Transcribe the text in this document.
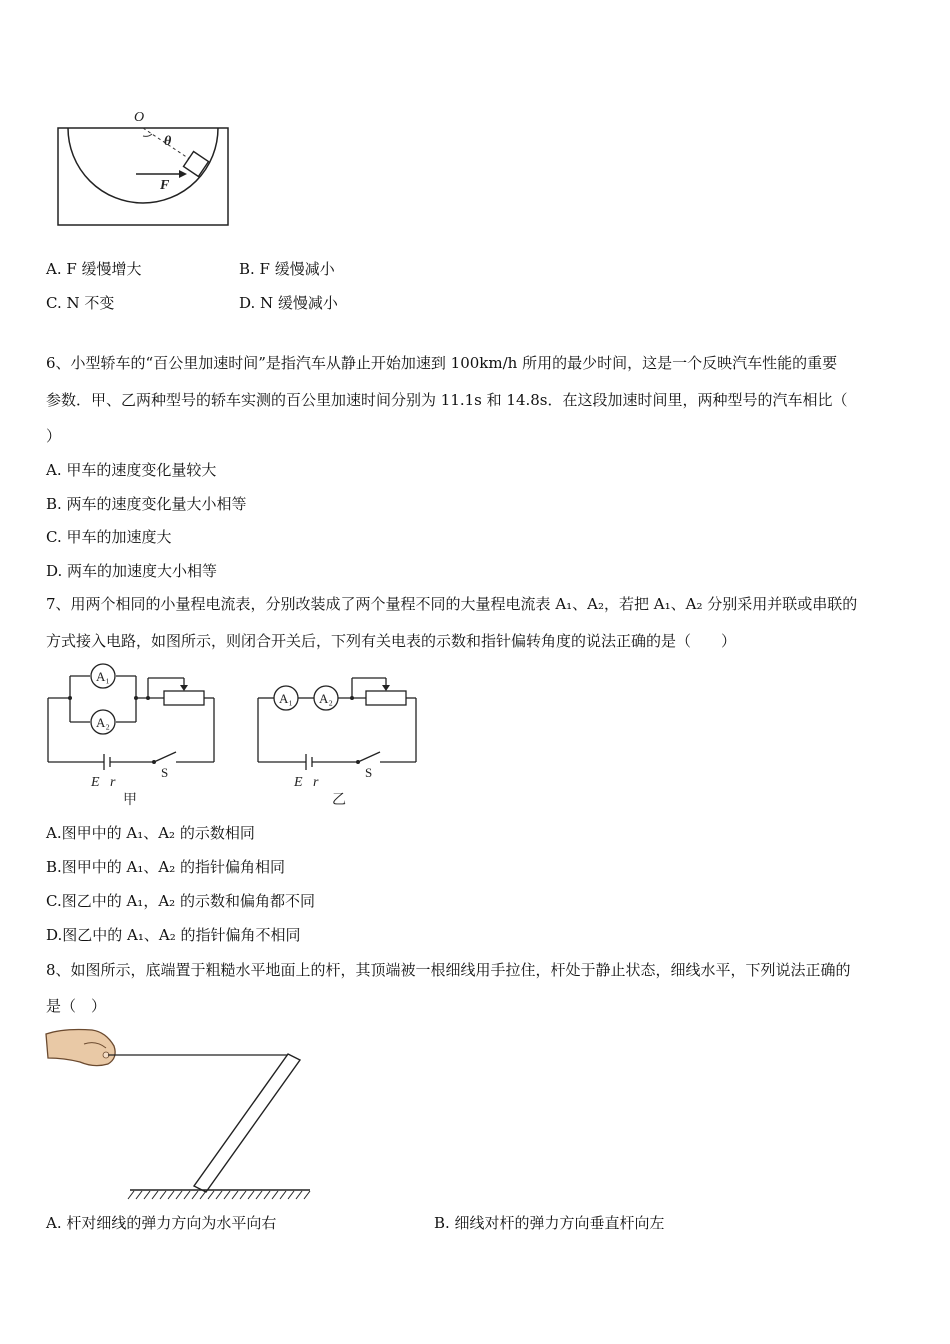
O
θ
F
A. F 缓慢增大	B. F 缓慢减小
C. N 不变	D. N 缓慢减小
6、小型轿车的“百公里加速时间”是指汽车从静止开始加速到 100km/h 所用的最少时间，这是一个反映汽车性能的重要
参数．甲、乙两种型号的轿车实测的百公里加速时间分别为 11.1s 和 14.8s．在这段加速时间里，两种型号的汽车相比（
）
A. 甲车的速度变化量较大
B. 两车的速度变化量大小相等
C. 甲车的加速度大
D. 两车的加速度大小相等
7、用两个相同的小量程电流表，分别改装成了两个量程不同的大量程电流表 A₁、A₂，若把 A₁、A₂ 分别采用并联或串联的
方式接入电路，如图所示，则闭合开关后，下列有关电表的示数和指针偏转角度的说法正确的是（　　）
A₁
A₂
E r
S
甲
A₁ A₂
E r
S
乙
A.图甲中的 A₁、A₂ 的示数相同
B.图甲中的 A₁、A₂ 的指针偏角相同
C.图乙中的 A₁，A₂ 的示数和偏角都不同
D.图乙中的 A₁、A₂ 的指针偏角不相同
8、如图所示，底端置于粗糙水平地面上的杆，其顶端被一根细线用手拉住，杆处于静止状态，细线水平，下列说法正确的
是（　）
A. 杆对细线的弹力方向为水平向右	B. 细线对杆的弹力方向垂直杆向左
